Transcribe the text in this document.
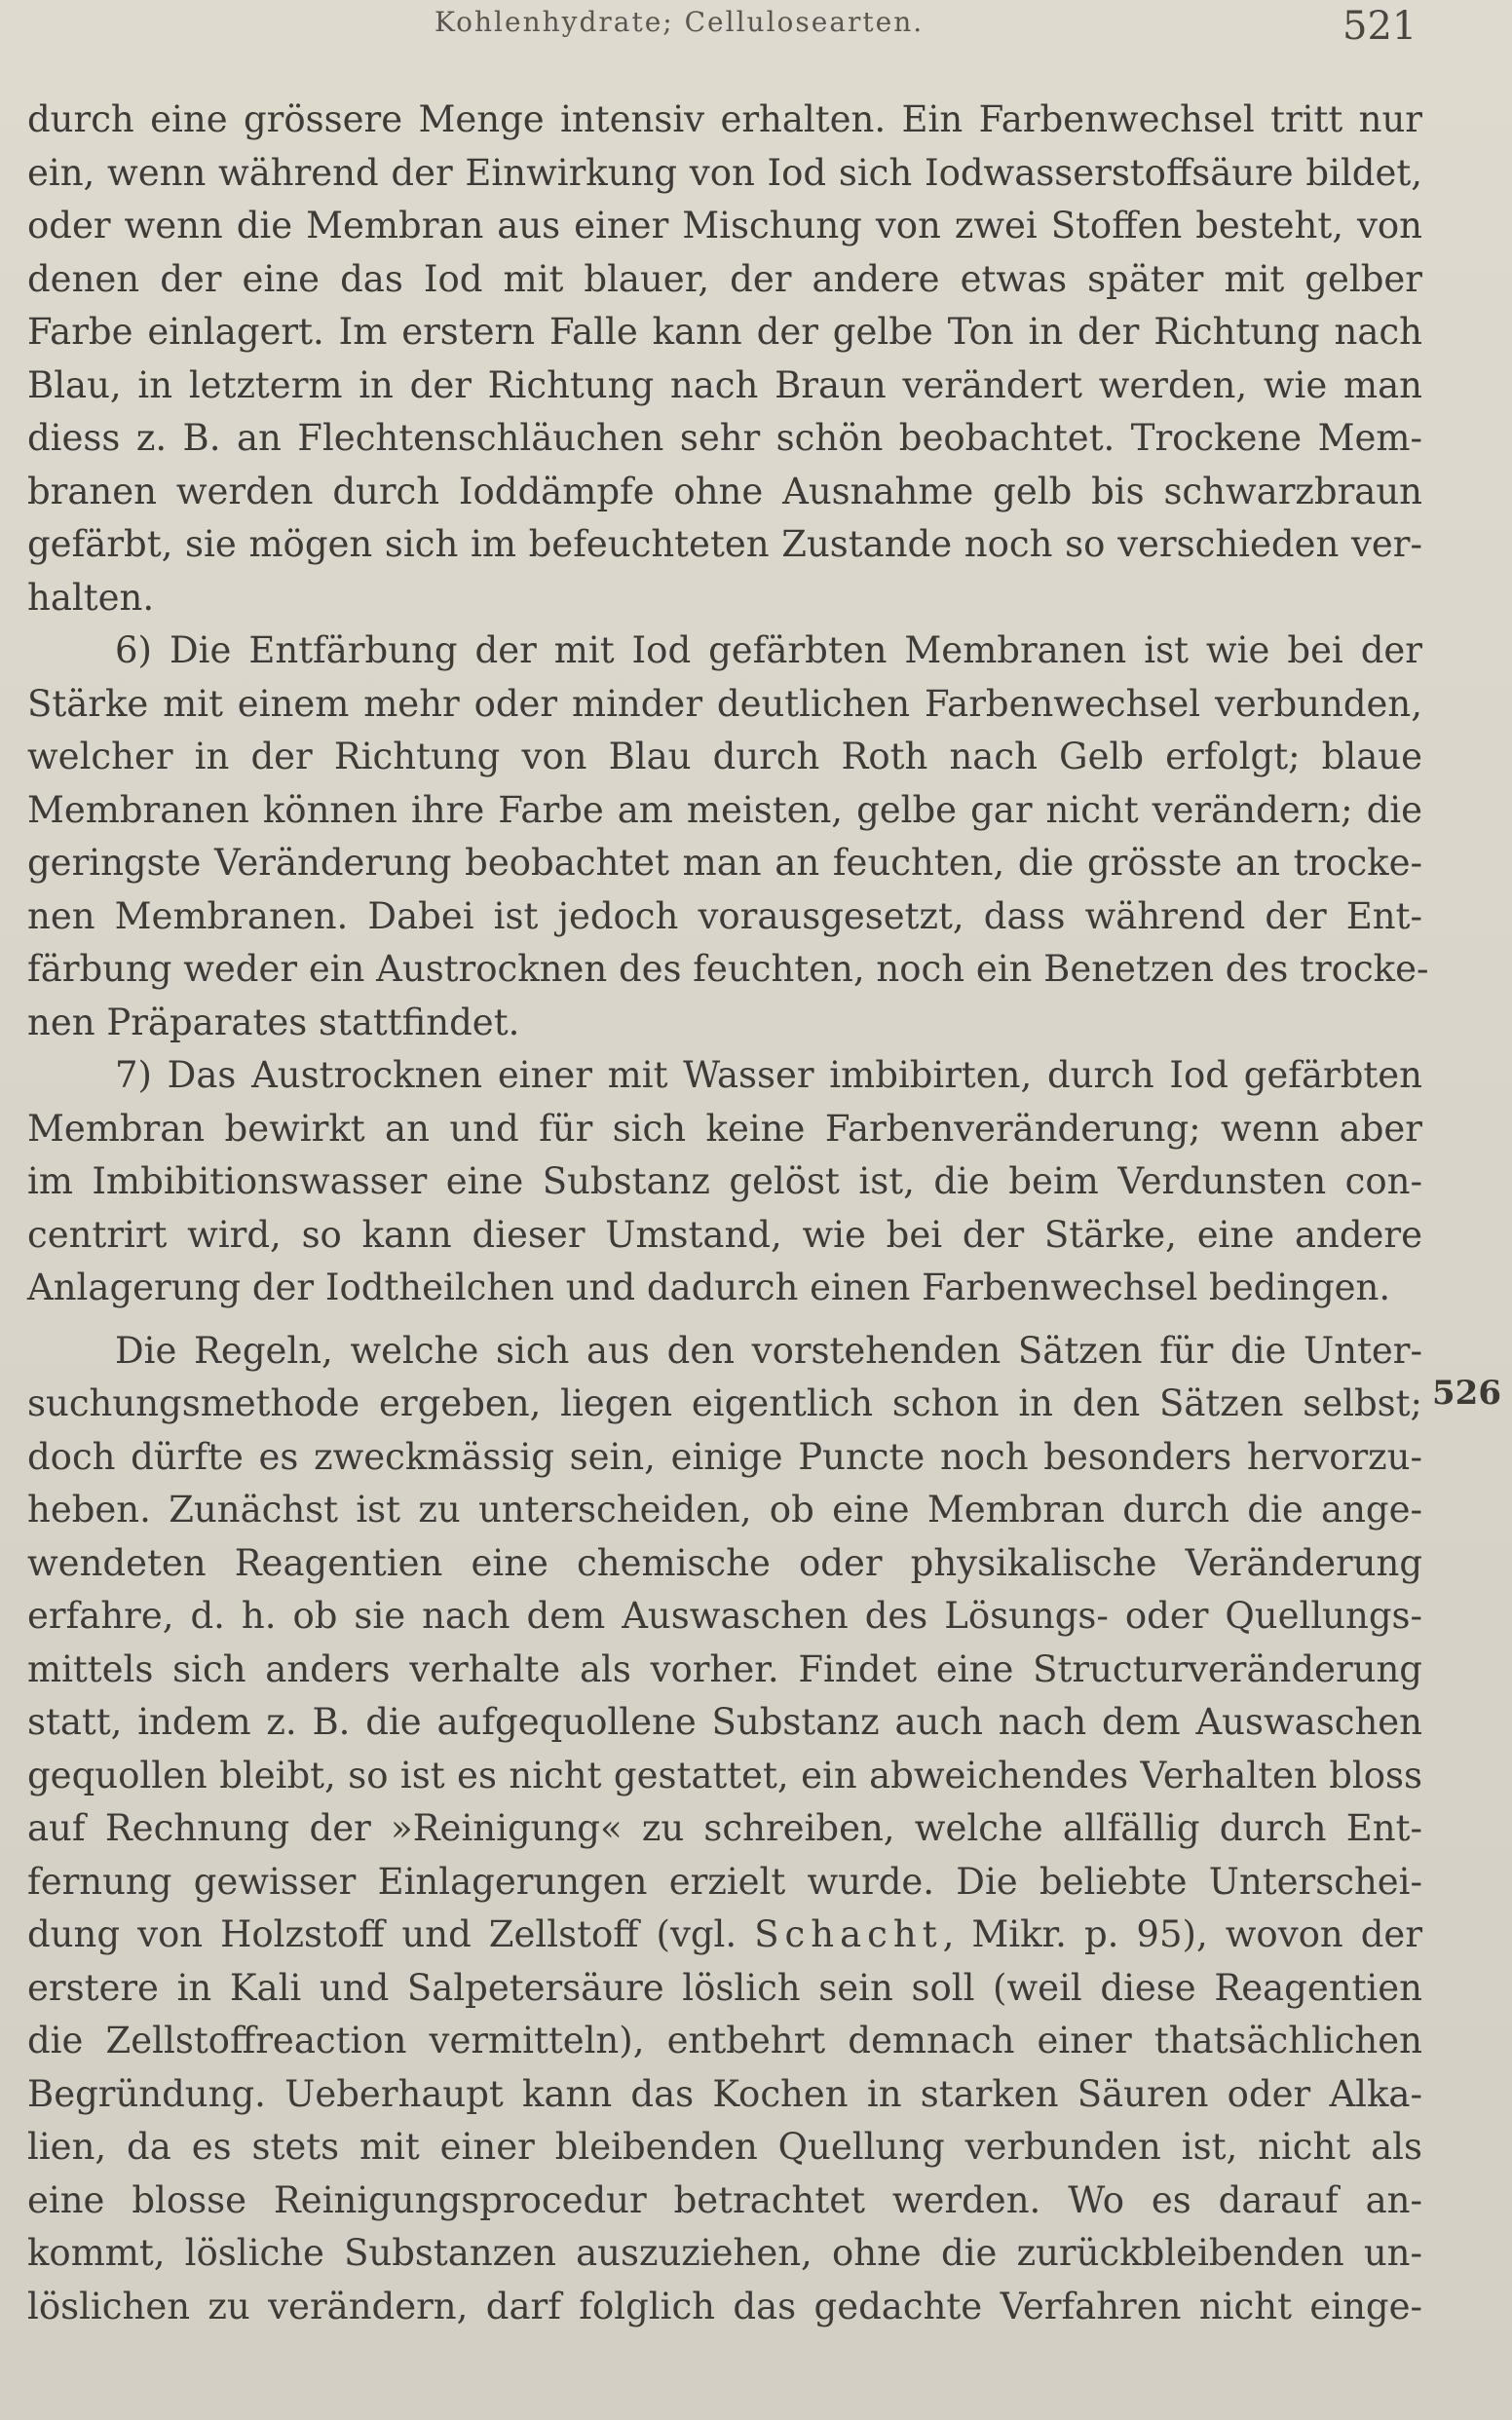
Kohlenhydrate; Cellulosearten.	521
526
durch eine grössere Menge intensiv erhalten. Ein Farbenwechsel tritt nur
ein, wenn während der Einwirkung von Iod sich Iodwasserstoffsäure bildet,
oder wenn die Membran aus einer Mischung von zwei Stoffen besteht, von
denen der eine das Iod mit blauer, der andere etwas später mit gelber
Farbe einlagert. Im erstern Falle kann der gelbe Ton in der Richtung nach
Blau, in letzterm in der Richtung nach Braun verändert werden, wie man
diess z. B. an Flechtenschläuchen sehr schön beobachtet. Trockene Mem-
branen werden durch Ioddämpfe ohne Ausnahme gelb bis schwarzbraun
gefärbt, sie mögen sich im befeuchteten Zustande noch so verschieden ver-
halten.
6) Die Entfärbung der mit Iod gefärbten Membranen ist wie bei der
Stärke mit einem mehr oder minder deutlichen Farbenwechsel verbunden,
welcher in der Richtung von Blau durch Roth nach Gelb erfolgt; blaue
Membranen können ihre Farbe am meisten, gelbe gar nicht verändern; die
geringste Veränderung beobachtet man an feuchten, die grösste an trocke-
nen Membranen. Dabei ist jedoch vorausgesetzt, dass während der Ent-
färbung weder ein Austrocknen des feuchten, noch ein Benetzen des trocke-
nen Präparates stattfindet.
7) Das Austrocknen einer mit Wasser imbibirten, durch Iod gefärbten
Membran bewirkt an und für sich keine Farbenveränderung; wenn aber
im Imbibitionswasser eine Substanz gelöst ist, die beim Verdunsten con-
centrirt wird, so kann dieser Umstand, wie bei der Stärke, eine andere
Anlagerung der Iodtheilchen und dadurch einen Farbenwechsel bedingen.
Die Regeln, welche sich aus den vorstehenden Sätzen für die Unter-
suchungsmethode ergeben, liegen eigentlich schon in den Sätzen selbst;
doch dürfte es zweckmässig sein, einige Puncte noch besonders hervorzu-
heben. Zunächst ist zu unterscheiden, ob eine Membran durch die ange-
wendeten Reagentien eine chemische oder physikalische Veränderung
erfahre, d. h. ob sie nach dem Auswaschen des Lösungs- oder Quellungs-
mittels sich anders verhalte als vorher. Findet eine Structurveränderung
statt, indem z. B. die aufgequollene Substanz auch nach dem Auswaschen
gequollen bleibt, so ist es nicht gestattet, ein abweichendes Verhalten bloss
auf Rechnung der »Reinigung« zu schreiben, welche allfällig durch Ent-
fernung gewisser Einlagerungen erzielt wurde. Die beliebte Unterschei-
dung von Holzstoff und Zellstoff (vgl. Schacht, Mikr. p. 95), wovon der
erstere in Kali und Salpetersäure löslich sein soll (weil diese Reagentien
die Zellstoffreaction vermitteln), entbehrt demnach einer thatsächlichen
Begründung. Ueberhaupt kann das Kochen in starken Säuren oder Alka-
lien, da es stets mit einer bleibenden Quellung verbunden ist, nicht als
eine blosse Reinigungsprocedur betrachtet werden. Wo es darauf an-
kommt, lösliche Substanzen auszuziehen, ohne die zurückbleibenden un-
löslichen zu verändern, darf folglich das gedachte Verfahren nicht einge-
